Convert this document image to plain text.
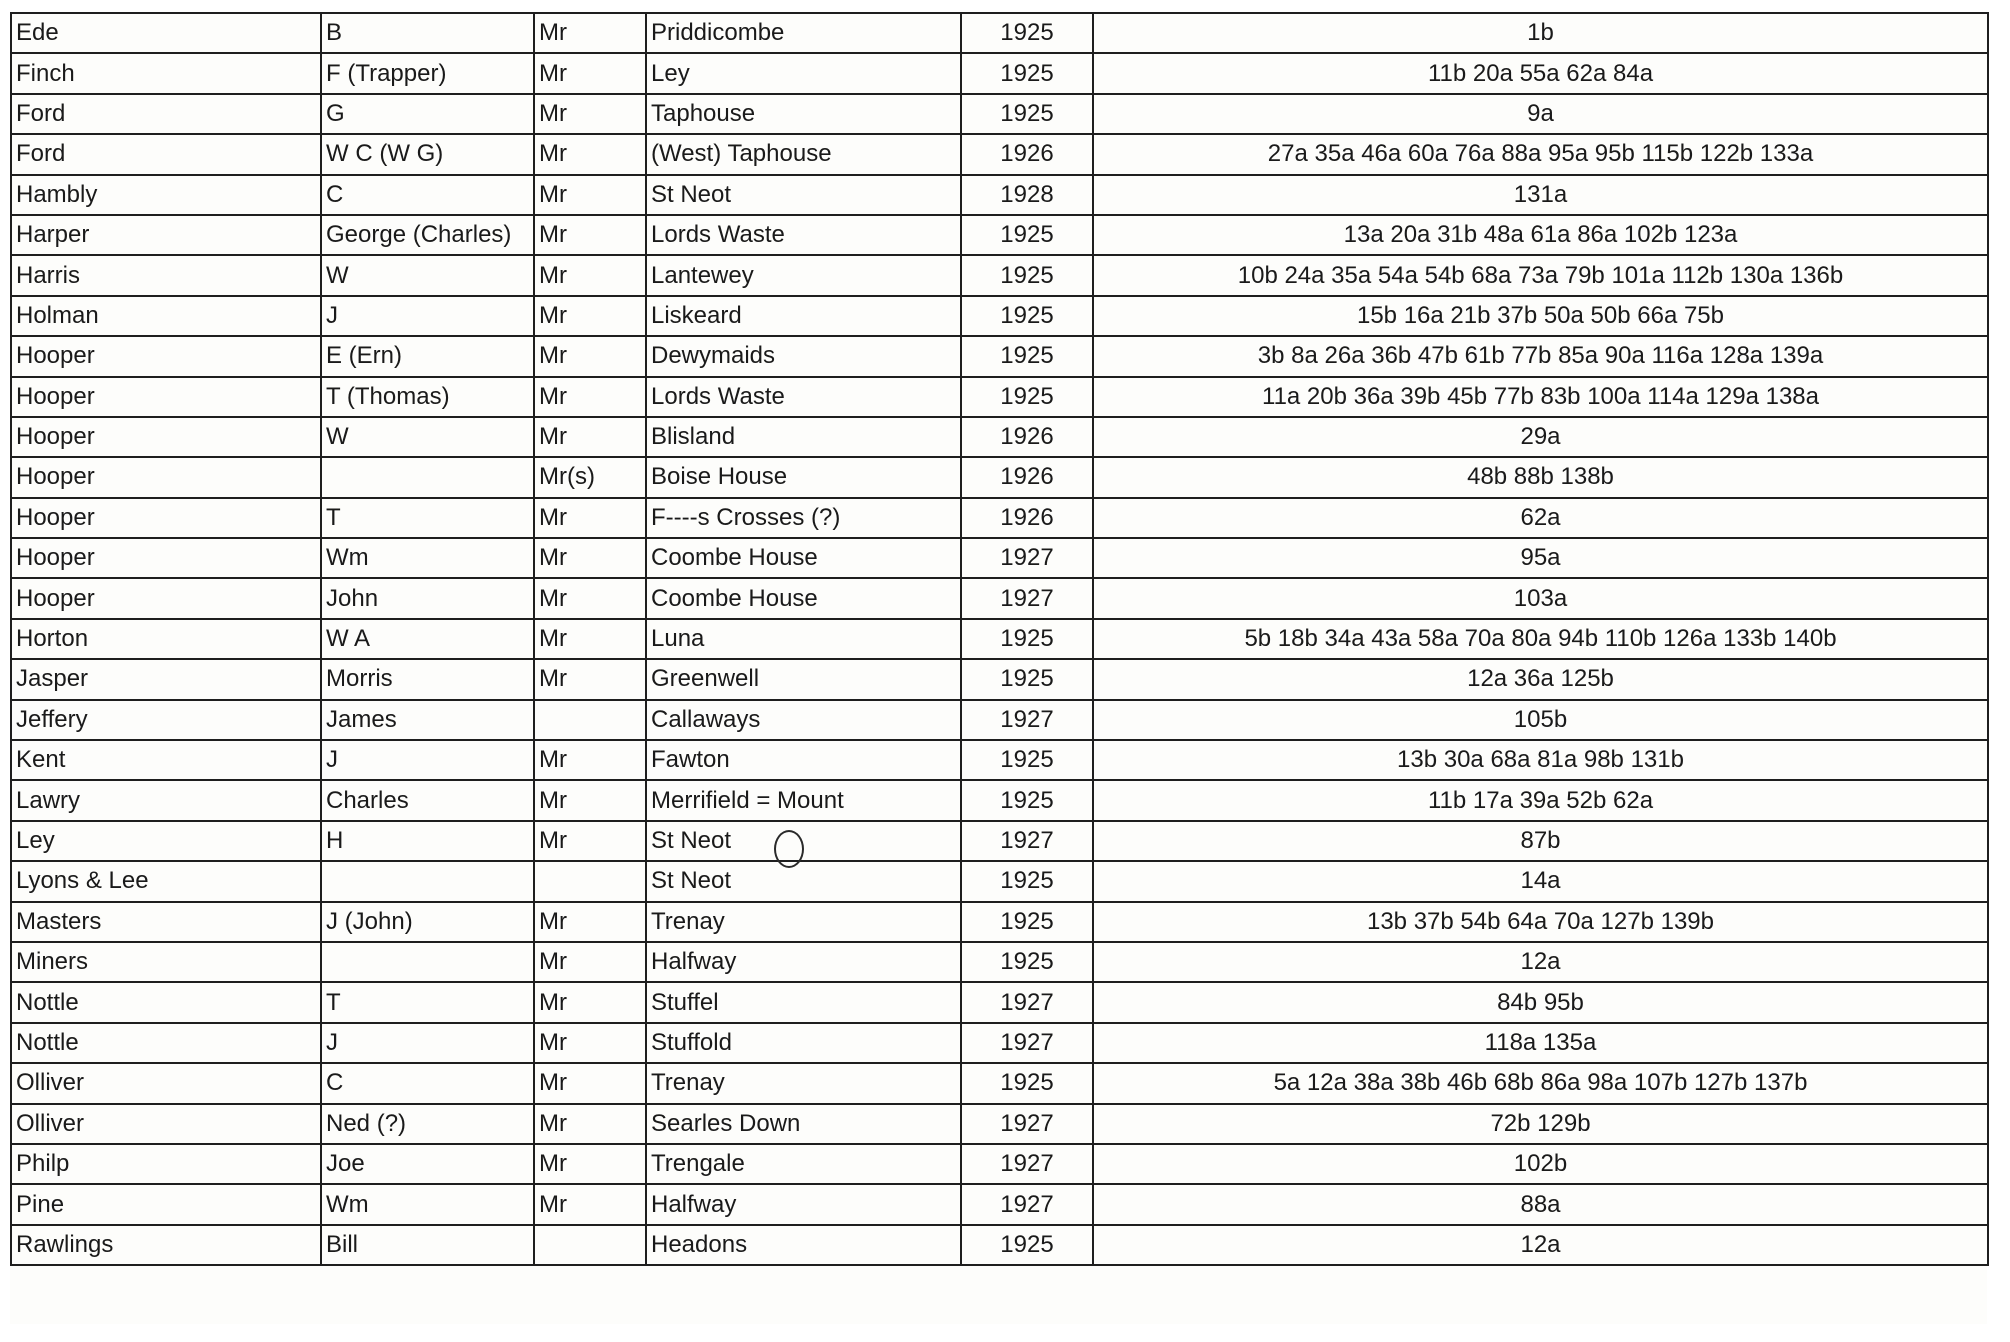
Ede	B	Mr	Priddicombe	1925	1b
Finch	F (Trapper)	Mr	Ley	1925	11b 20a 55a 62a 84a
Ford	G	Mr	Taphouse	1925	9a
Ford	W C (W G)	Mr	(West) Taphouse	1926	27a 35a 46a 60a 76a 88a 95a 95b 115b 122b 133a
Hambly	C	Mr	St Neot	1928	131a
Harper	George (Charles)	Mr	Lords Waste	1925	13a 20a 31b 48a 61a 86a 102b 123a
Harris	W	Mr	Lantewey	1925	10b 24a 35a 54a 54b 68a 73a 79b 101a 112b 130a 136b
Holman	J	Mr	Liskeard	1925	15b 16a 21b 37b 50a 50b 66a 75b
Hooper	E (Ern)	Mr	Dewymaids	1925	3b 8a 26a 36b 47b 61b 77b 85a 90a 116a 128a 139a
Hooper	T (Thomas)	Mr	Lords Waste	1925	11a 20b 36a 39b 45b 77b 83b 100a 114a 129a 138a
Hooper	W	Mr	Blisland	1926	29a
Hooper		Mr(s)	Boise House	1926	48b 88b 138b
Hooper	T	Mr	F----s Crosses (?)	1926	62a
Hooper	Wm	Mr	Coombe House	1927	95a
Hooper	John	Mr	Coombe House	1927	103a
Horton	W A	Mr	Luna	1925	5b 18b 34a 43a 58a 70a 80a 94b 110b 126a 133b 140b
Jasper	Morris	Mr	Greenwell	1925	12a 36a 125b
Jeffery	James		Callaways	1927	105b
Kent	J	Mr	Fawton	1925	13b 30a 68a 81a 98b 131b
Lawry	Charles	Mr	Merrifield = Mount	1925	11b 17a 39a 52b 62a
Ley	H	Mr	St Neot	1927	87b
Lyons & Lee			St Neot	1925	14a
Masters	J (John)	Mr	Trenay	1925	13b 37b 54b 64a 70a 127b 139b
Miners		Mr	Halfway	1925	12a
Nottle	T	Mr	Stuffel	1927	84b 95b
Nottle	J	Mr	Stuffold	1927	118a 135a
Olliver	C	Mr	Trenay	1925	5a 12a 38a 38b 46b 68b 86a 98a 107b 127b 137b
Olliver	Ned (?)	Mr	Searles Down	1927	72b 129b
Philp	Joe	Mr	Trengale	1927	102b
Pine	Wm	Mr	Halfway	1927	88a
Rawlings	Bill		Headons	1925	12a
